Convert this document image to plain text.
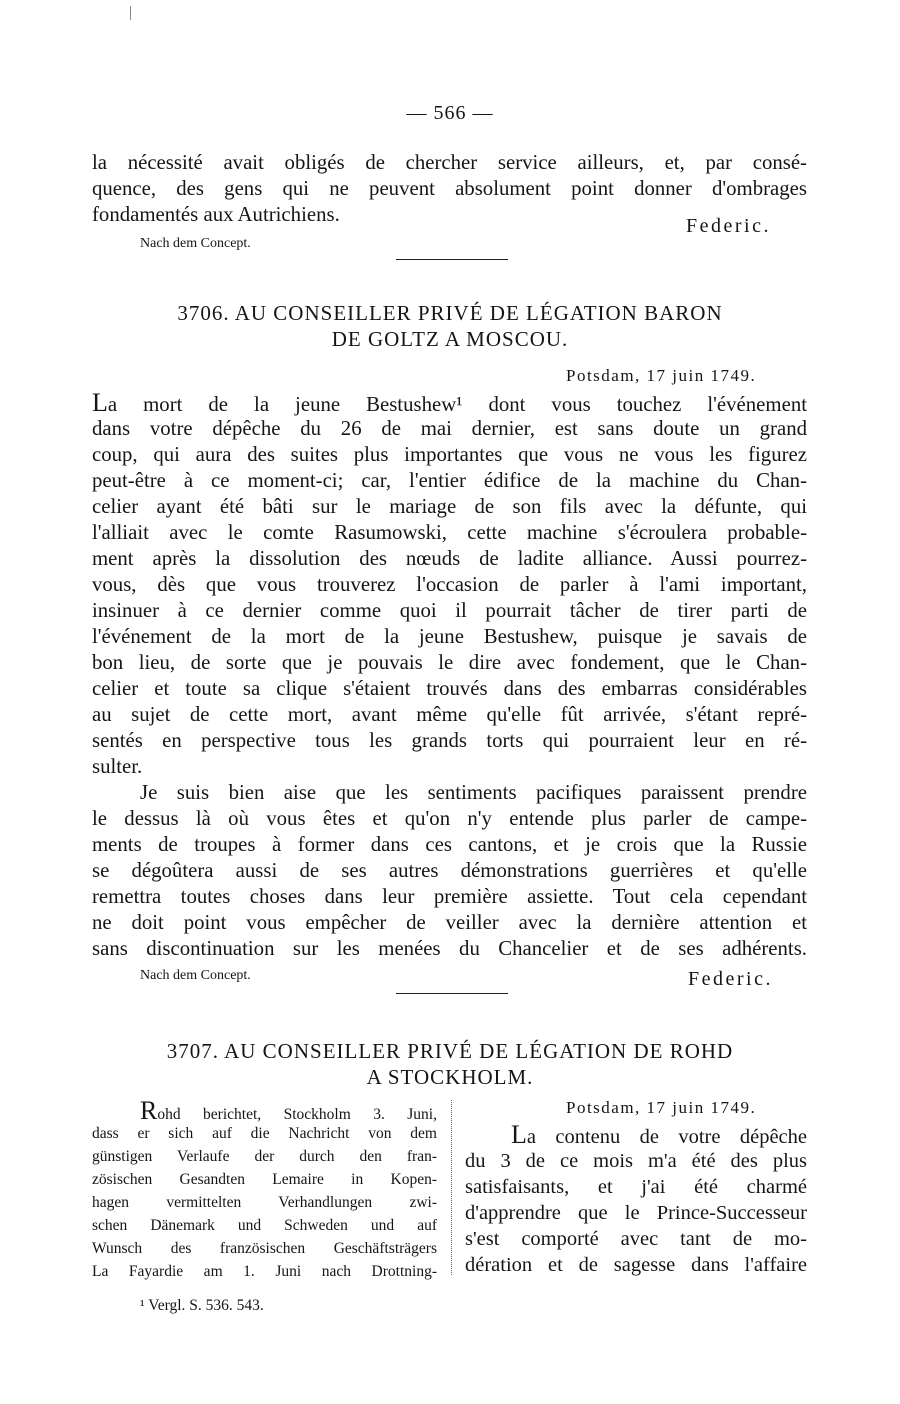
— 566 —
la nécessité avait obligés de chercher service ailleurs, et, par consé-
quence, des gens qui ne peuvent absolument point donner d'ombrages
fondamentés aux Autrichiens.
Nach dem Concept.
Federic.
3706. AU CONSEILLER PRIVÉ DE LÉGATION BARON
DE GOLTZ A MOSCOU.
Potsdam, 17 juin 1749.
La mort de la jeune Bestushew¹ dont vous touchez l'événement
dans votre dépêche du 26 de mai dernier, est sans doute un grand
coup, qui aura des suites plus importantes que vous ne vous les figurez
peut-être à ce moment-ci; car, l'entier édifice de la machine du Chan-
celier ayant été bâti sur le mariage de son fils avec la défunte, qui
l'alliait avec le comte Rasumowski, cette machine s'écroulera probable-
ment après la dissolution des nœuds de ladite alliance. Aussi pourrez-
vous, dès que vous trouverez l'occasion de parler à l'ami important,
insinuer à ce dernier comme quoi il pourrait tâcher de tirer parti de
l'événement de la mort de la jeune Bestushew, puisque je savais de
bon lieu, de sorte que je pouvais le dire avec fondement, que le Chan-
celier et toute sa clique s'étaient trouvés dans des embarras considérables
au sujet de cette mort, avant même qu'elle fût arrivée, s'étant repré-
sentés en perspective tous les grands torts qui pourraient leur en ré-
sulter.
Je suis bien aise que les sentiments pacifiques paraissent prendre
le dessus là où vous êtes et qu'on n'y entende plus parler de campe-
ments de troupes à former dans ces cantons, et je crois que la Russie
se dégoûtera aussi de ses autres démonstrations guerrières et qu'elle
remettra toutes choses dans leur première assiette. Tout cela cependant
ne doit point vous empêcher de veiller avec la dernière attention et
sans discontinuation sur les menées du Chancelier et de ses adhérents.
Nach dem Concept.	Federic.
3707. AU CONSEILLER PRIVÉ DE LÉGATION DE ROHD
A STOCKHOLM.
Rohd berichtet, Stockholm 3. Juni,
dass er sich auf die Nachricht von dem
günstigen Verlaufe der durch den fran-
zösischen Gesandten Lemaire in Kopen-
hagen vermittelten Verhandlungen zwi-
schen Dänemark und Schweden und auf
Wunsch des französischen Geschäftsträgers
La Fayardie am 1. Juni nach Drottning-
Potsdam, 17 juin 1749.
La contenu de votre dépêche
du 3 de ce mois m'a été des plus
satisfaisants, et j'ai été charmé
d'apprendre que le Prince-Successeur
s'est comporté avec tant de mo-
dération et de sagesse dans l'affaire
¹ Vergl. S. 536. 543.
